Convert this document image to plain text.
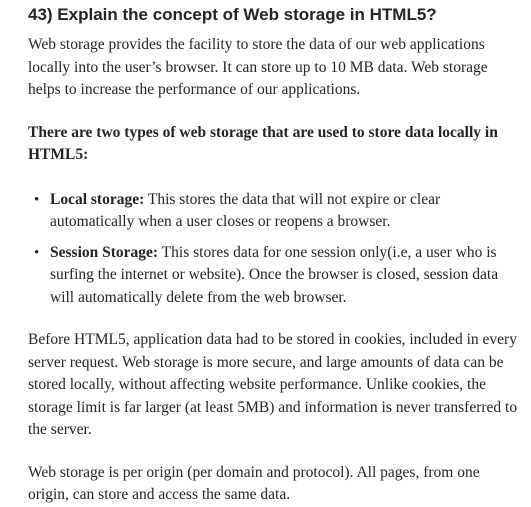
43) Explain the concept of Web storage in HTML5?

Web storage provides the facility to store the data of our web applications locally into the user’s browser. It can store up to 10 MB data. Web storage helps to increase the performance of our applications.

There are two types of web storage that are used to store data locally in HTML5:

• Local storage: This stores the data that will not expire or clear automatically when a user closes or reopens a browser.
• Session Storage: This stores data for one session only(i.e, a user who is surfing the internet or website). Once the browser is closed, session data will automatically delete from the web browser.

Before HTML5, application data had to be stored in cookies, included in every server request. Web storage is more secure, and large amounts of data can be stored locally, without affecting website performance. Unlike cookies, the storage limit is far larger (at least 5MB) and information is never transferred to the server.

Web storage is per origin (per domain and protocol). All pages, from one origin, can store and access the same data.
